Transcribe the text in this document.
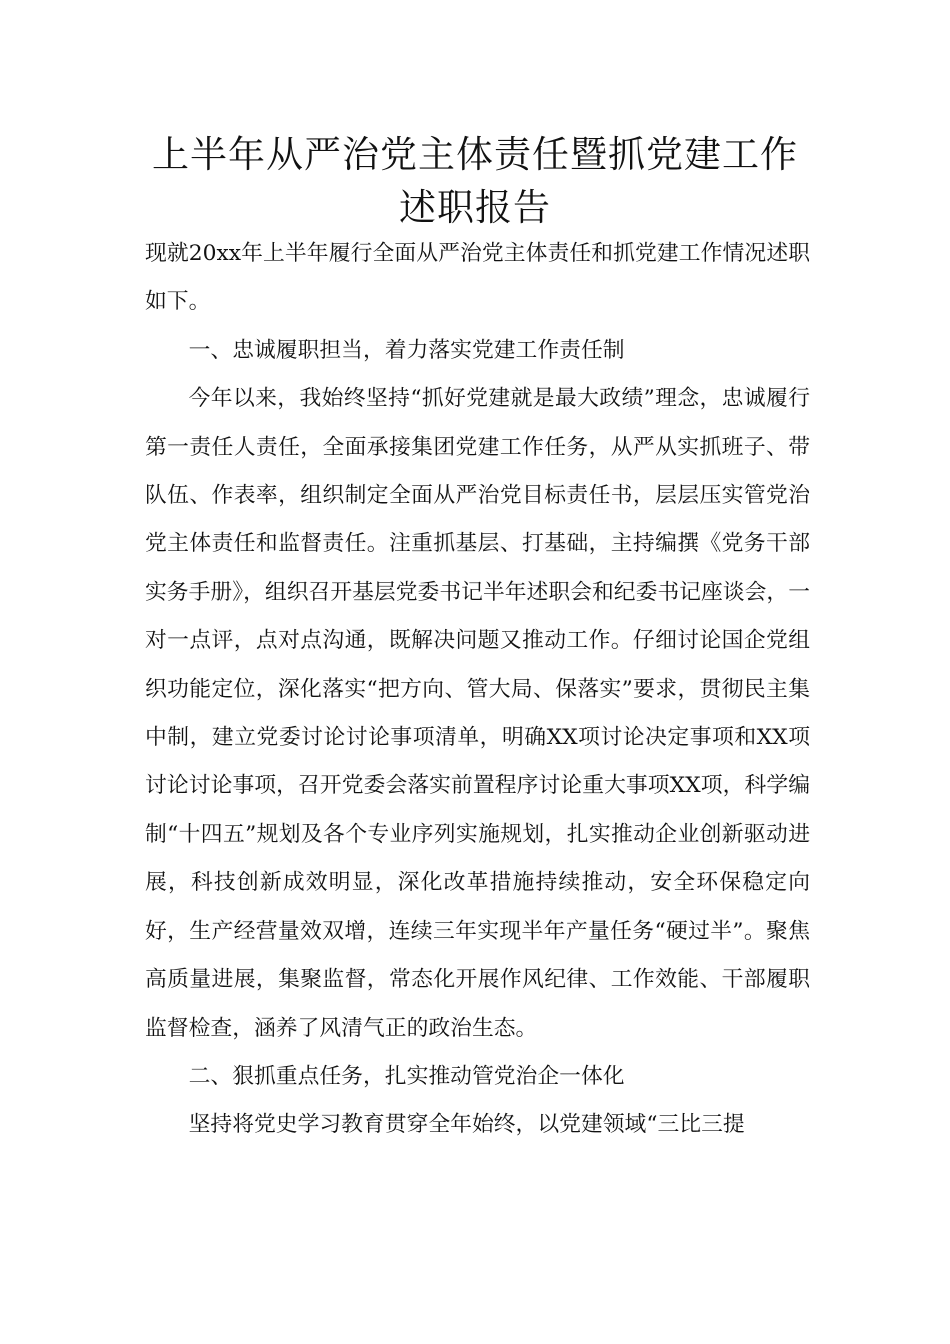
上半年从严治党主体责任暨抓党建工作
述职报告

现就20xx年上半年履行全面从严治党主体责任和抓党建工作情况述职如下。

一、忠诚履职担当，着力落实党建工作责任制

今年以来，我始终坚持“抓好党建就是最大政绩”理念，忠诚履行第一责任人责任，全面承接集团党建工作任务，从严从实抓班子、带队伍、作表率，组织制定全面从严治党目标责任书，层层压实管党治党主体责任和监督责任。注重抓基层、打基础，主持编撰《党务干部实务手册》，组织召开基层党委书记半年述职会和纪委书记座谈会，一对一点评，点对点沟通，既解决问题又推动工作。仔细讨论国企党组织功能定位，深化落实“把方向、管大局、保落实”要求，贯彻民主集中制，建立党委讨论讨论事项清单，明确XX项讨论决定事项和XX项讨论讨论事项，召开党委会落实前置程序讨论重大事项XX项，科学编制“十四五”规划及各个专业序列实施规划，扎实推动企业创新驱动进展，科技创新成效明显，深化改革措施持续推动，安全环保稳定向好，生产经营量效双增，连续三年实现半年产量任务“硬过半”。聚焦高质量进展，集聚监督，常态化开展作风纪律、工作效能、干部履职监督检查，涵养了风清气正的政治生态。

二、狠抓重点任务，扎实推动管党治企一体化

坚持将党史学习教育贯穿全年始终，以党建领域“三比三提
